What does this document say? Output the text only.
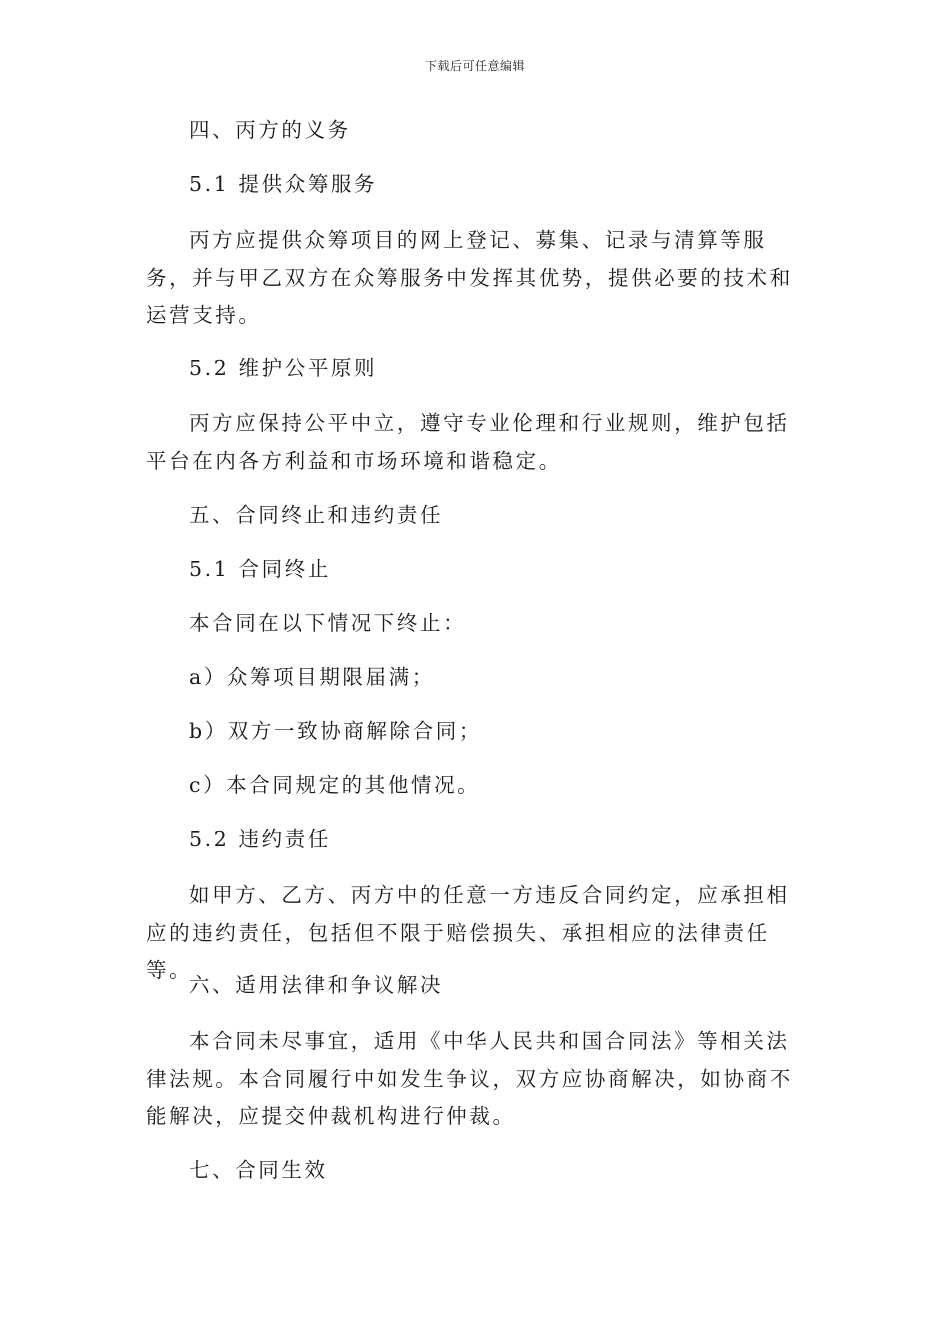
下载后可任意编辑
四、丙方的义务
5.1 提供众筹服务
丙方应提供众筹项目的网上登记、募集、记录与清算等服务，并与甲乙双方在众筹服务中发挥其优势，提供必要的技术和运营支持。
5.2 维护公平原则
丙方应保持公平中立，遵守专业伦理和行业规则，维护包括平台在内各方利益和市场环境和谐稳定。
五、合同终止和违约责任
5.1 合同终止
本合同在以下情况下终止：
a）众筹项目期限届满；
b）双方一致协商解除合同；
c）本合同规定的其他情况。
5.2 违约责任
如甲方、乙方、丙方中的任意一方违反合同约定，应承担相应的违约责任，包括但不限于赔偿损失、承担相应的法律责任等。
六、适用法律和争议解决
本合同未尽事宜，适用《中华人民共和国合同法》等相关法律法规。本合同履行中如发生争议，双方应协商解决，如协商不能解决，应提交仲裁机构进行仲裁。
七、合同生效
